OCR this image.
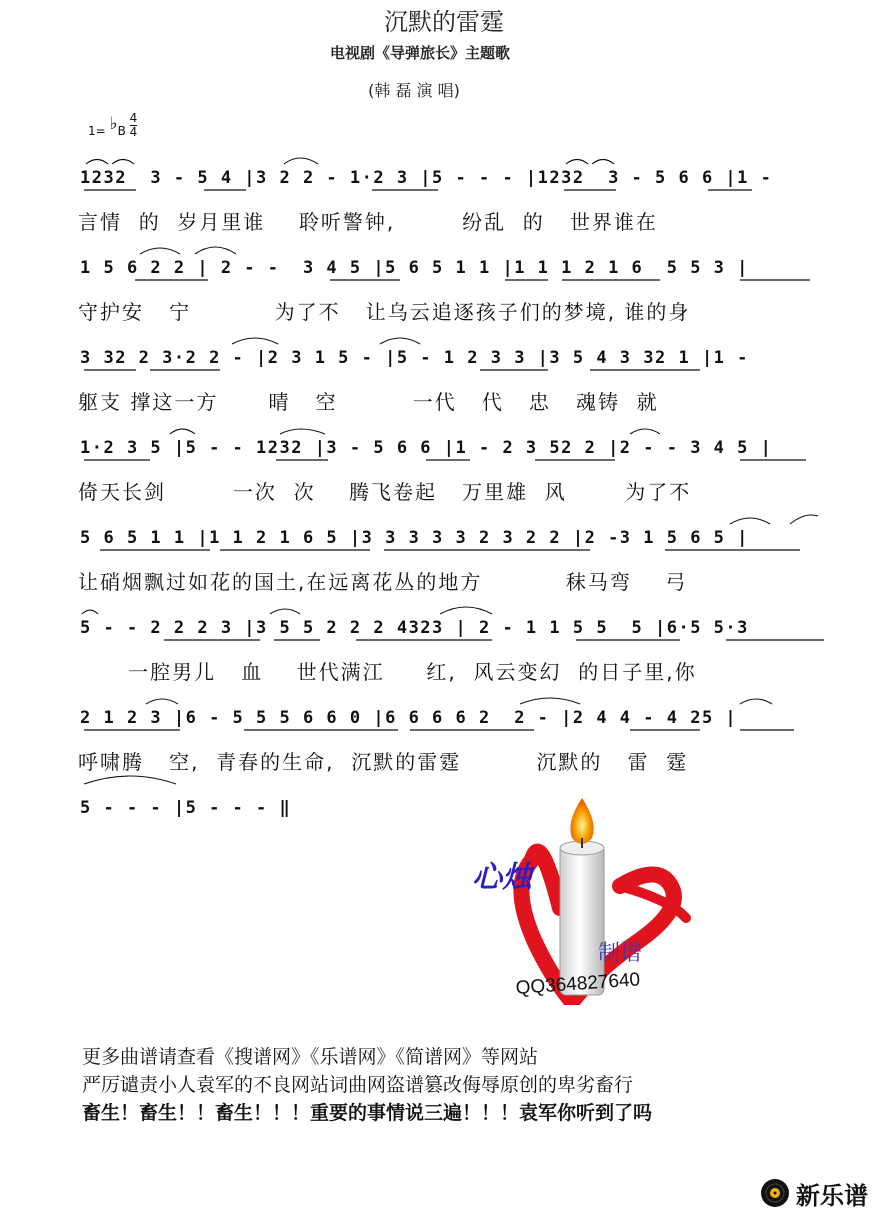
沉默的雷霆
电视剧《导弹旅长》主题歌
(韩 磊 演 唱)
1= ♭B $\frac{4}{4}$
1232  3 - 5 4 |3 2 2 - 1·2 3 |5 - - - |1232  3 - 5 6 6 |1 -
言情  的  岁月里谁    聆听警钟,        纷乱  的   世界谁在
1 5 6 2 2 | 2 - -  3 4 5 |5 6 5 1 1 |1 1 1 2 1 6  5 5 3 |
守护安   宁          为了不   让乌云追逐孩子们的梦境, 谁的身
3 32 2 3·2 2 - |2 3 1 5 - |5 - 1 2 3 3 |3 5 4 3 32 1 |1 -
躯支 撑这一方      晴   空         一代   代   忠   魂铸  就
1·2 3 5 |5 - - 1232 |3 - 5 6 6 |1 - 2 3 52 2 |2 - - 3 4 5 |
倚天长剑        一次  次    腾飞卷起   万里雄  风       为了不
5 6 5 1 1 |1 1 2 1 6 5 |3 3 3 3 3 2 3 2 2 |2 -3 1 5 6 5 |
让硝烟飘过如花的国土,在远离花丛的地方          秣马弯    弓
5 - - 2 2 2 3 |3 5 5 2 2 2 4323 | 2 - 1 1 5 5  5 |6·5 5·3
一腔男儿   血    世代满江     红,  风云变幻  的日子里,你
2 1 2 3 |6 - 5 5 5 6 6 0 |6 6 6 6 2  2 - |2 4 4 - 4 25 |
呼啸腾   空,  青春的生命,  沉默的雷霆         沉默的   雷  霆
5 - - - |5 - - - ‖
心烛
制谱
QQ364827640
更多曲谱请查看《搜谱网》《乐谱网》《简谱网》等网站
严厉谴责小人袁军的不良网站词曲网盗谱篡改侮辱原创的卑劣畜行
畜生！畜生！！畜生！！！重要的事情说三遍！！！袁军你听到了吗
新乐谱
